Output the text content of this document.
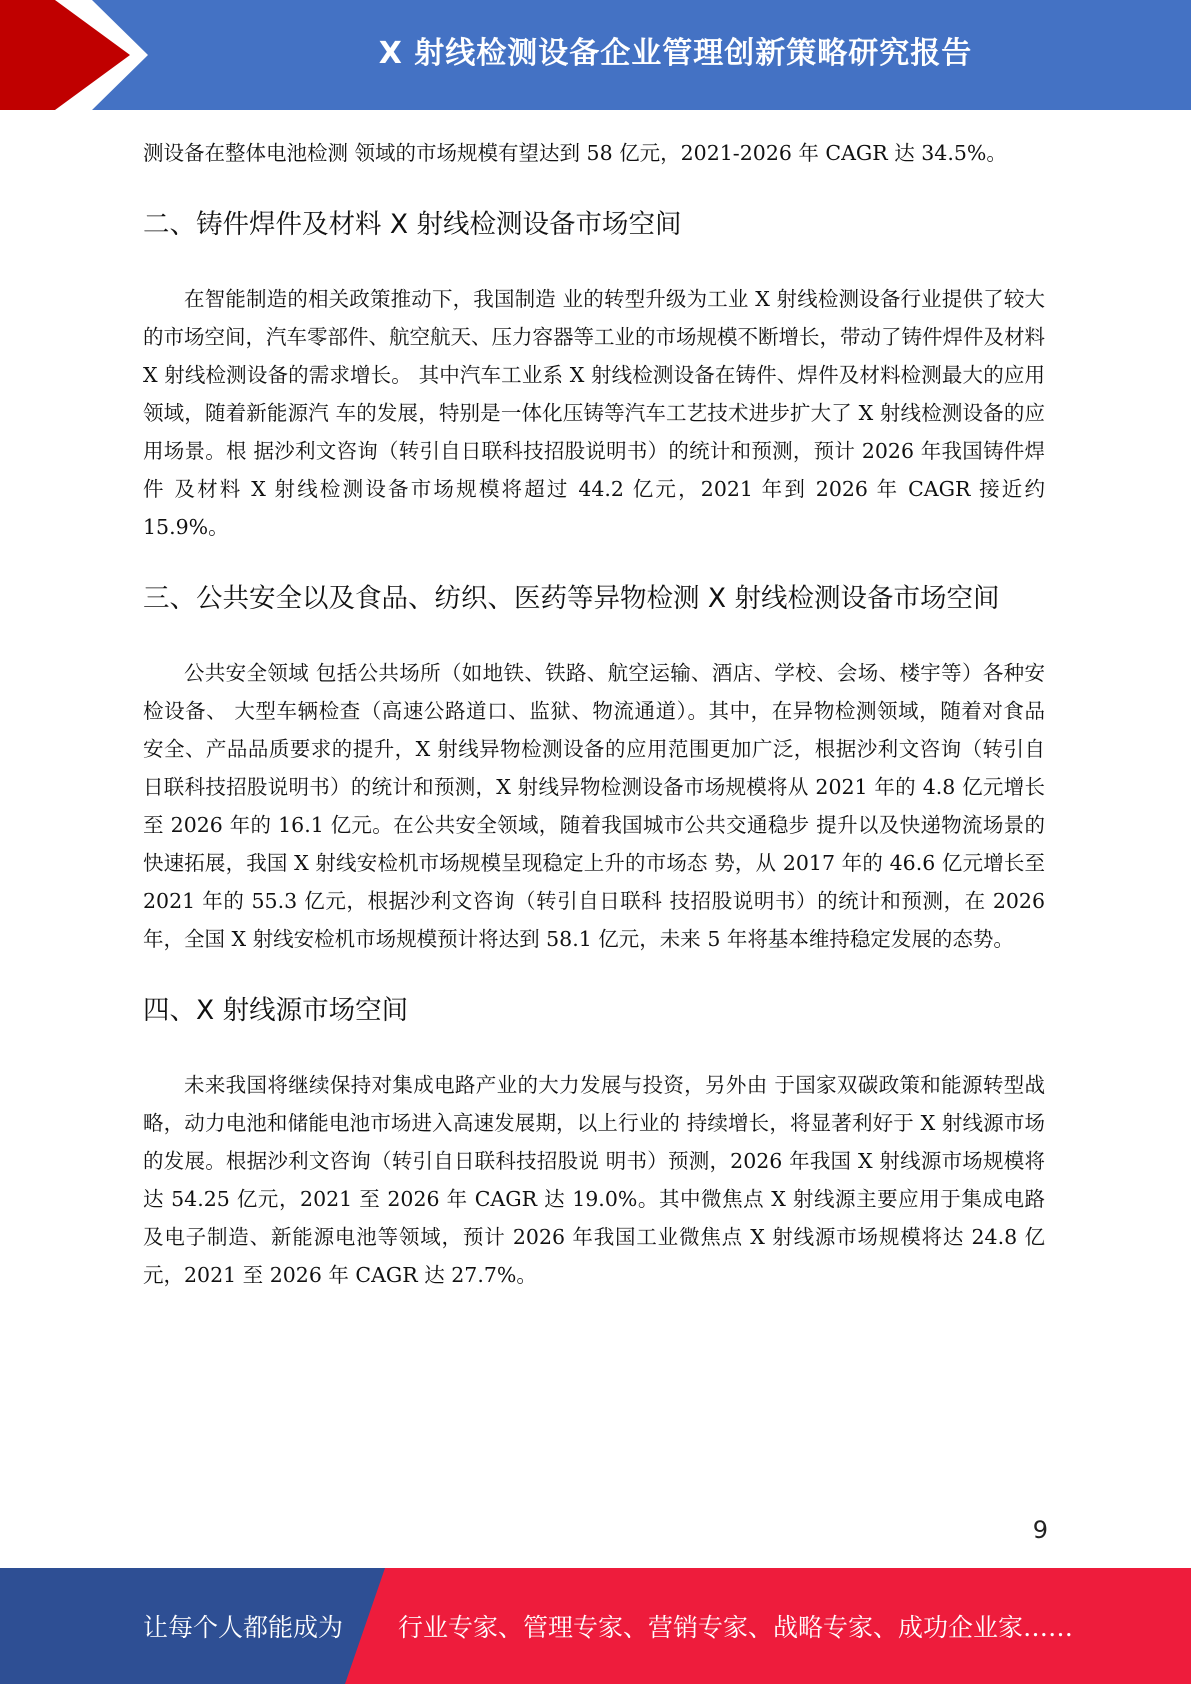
X 射线检测设备企业管理创新策略研究报告

测设备在整体电池检测 领域的市场规模有望达到 58 亿元，2021-2026 年 CAGR 达 34.5%。

二、铸件焊件及材料 X 射线检测设备市场空间

在智能制造的相关政策推动下，我国制造 业的转型升级为工业 X 射线检测设备行业提供了较大的市场空间，汽车零部件、航空航天、压力容器等工业的市场规模不断增长，带动了铸件焊件及材料 X 射线检测设备的需求增长。 其中汽车工业系 X 射线检测设备在铸件、焊件及材料检测最大的应用领域，随着新能源汽 车的发展，特别是一体化压铸等汽车工艺技术进步扩大了 X 射线检测设备的应用场景。根 据沙利文咨询（转引自日联科技招股说明书）的统计和预测，预计 2026 年我国铸件焊件 及材料 X 射线检测设备市场规模将超过 44.2 亿元，2021 年到 2026 年 CAGR 接近约 15.9%。

三、公共安全以及食品、纺织、医药等异物检测 X 射线检测设备市场空间

公共安全领域 包括公共场所（如地铁、铁路、航空运输、酒店、学校、会场、楼宇等）各种安检设备、 大型车辆检查（高速公路道口、监狱、物流通道）。其中，在异物检测领域，随着对食品 安全、产品品质要求的提升，X 射线异物检测设备的应用范围更加广泛，根据沙利文咨询（转引自日联科技招股说明书）的统计和预测，X 射线异物检测设备市场规模将从 2021 年的 4.8 亿元增长至 2026 年的 16.1 亿元。在公共安全领域，随着我国城市公共交通稳步 提升以及快递物流场景的快速拓展，我国 X 射线安检机市场规模呈现稳定上升的市场态 势，从 2017 年的 46.6 亿元增长至 2021 年的 55.3 亿元，根据沙利文咨询（转引自日联科 技招股说明书）的统计和预测，在 2026 年，全国 X 射线安检机市场规模预计将达到 58.1 亿元，未来 5 年将基本维持稳定发展的态势。

四、X 射线源市场空间

未来我国将继续保持对集成电路产业的大力发展与投资，另外由 于国家双碳政策和能源转型战略，动力电池和储能电池市场进入高速发展期，以上行业的 持续增长，将显著利好于 X 射线源市场的发展。根据沙利文咨询（转引自日联科技招股说 明书）预测，2026 年我国 X 射线源市场规模将达 54.25 亿元，2021 至 2026 年 CAGR 达 19.0%。其中微焦点 X 射线源主要应用于集成电路及电子制造、新能源电池等领域，预计 2026 年我国工业微焦点 X 射线源市场规模将达 24.8 亿元，2021 至 2026 年 CAGR 达 27.7%。

9
让每个人都能成为 行业专家、管理专家、营销专家、战略专家、成功企业家……
